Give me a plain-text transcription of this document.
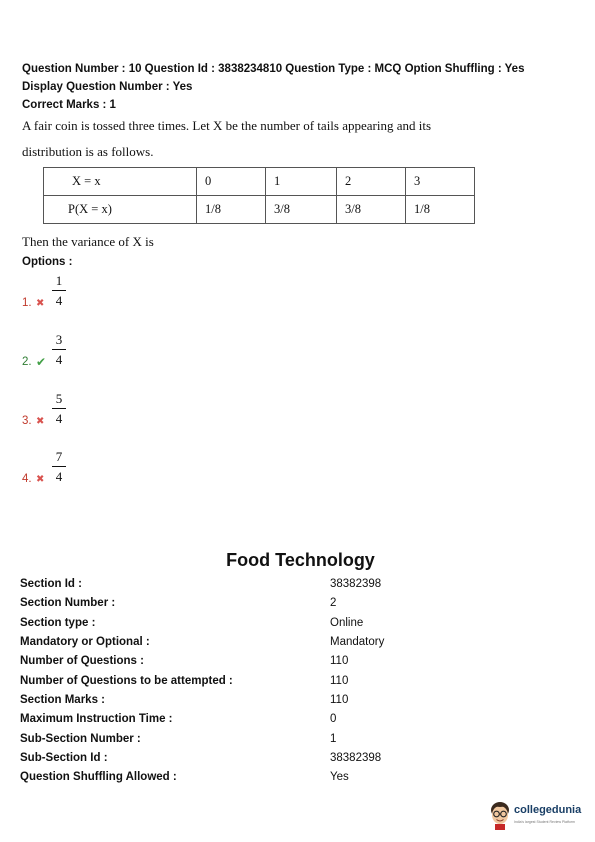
Question Number : 10 Question Id : 3838234810 Question Type : MCQ Option Shuffling : Yes
Display Question Number : Yes
Correct Marks : 1
A fair coin is tossed three times. Let X be the number of tails appearing and its
distribution is as follows.
X = x	0	1	2	3
P(X = x)	1/8	3/8	3/8	1/8
Then the variance of X is
Options :
1. ✖
1
4
2. ✔
3
4
3. ✖
5
4
4. ✖
7
4
Food Technology
Section Id :	38382398
Section Number :	2
Section type :	Online
Mandatory or Optional :	Mandatory
Number of Questions :	110
Number of Questions to be attempted :	110
Section Marks :	110
Maximum Instruction Time :	0
Sub-Section Number :	1
Sub-Section Id :	38382398
Question Shuffling Allowed :	Yes
collegedunia
India's largest Student Review Platform
